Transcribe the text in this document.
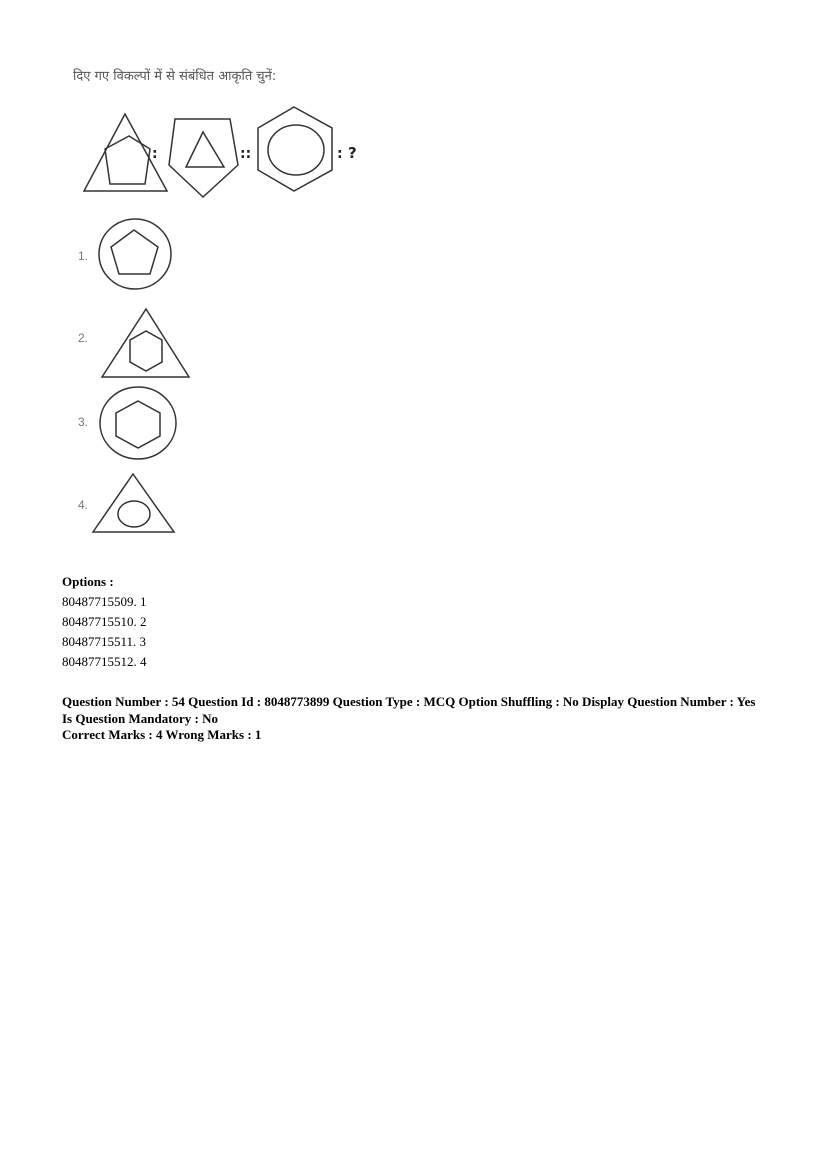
दिए गए विकल्पों में से संबंधित आकृति चुनें:
:	::	: ?
1.
2.
3.
4.
Options :
80487715509. 1
80487715510. 2
80487715511. 3
80487715512. 4
Question Number : 54 Question Id : 8048773899 Question Type : MCQ Option Shuffling : No Display Question Number : Yes
Is Question Mandatory : No
Correct Marks : 4 Wrong Marks : 1
